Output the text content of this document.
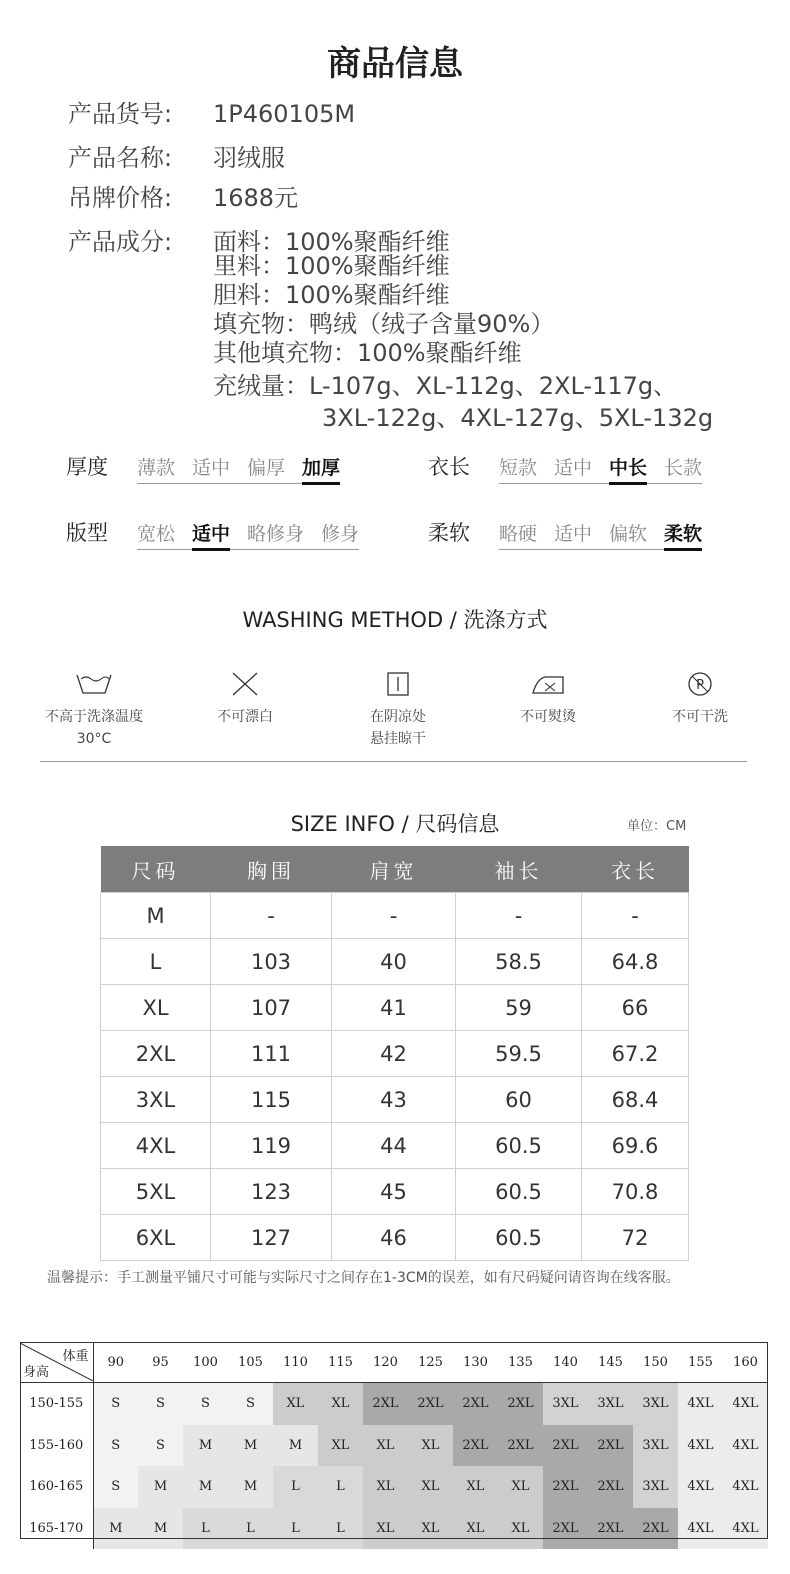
商品信息
产品货号: 1P460105M
产品名称: 羽绒服
吊牌价格: 1688元
产品成分: 面料：100%聚酯纤维
里料：100%聚酯纤维
胆料：100%聚酯纤维
填充物：鸭绒（绒子含量90%）
其他填充物：100%聚酯纤维
充绒量：L-107g、XL-112g、2XL-117g、
3XL-122g、4XL-127g、5XL-132g
厚度 薄款 适中 偏厚 加厚	衣长 短款 适中 中长 长款
版型 宽松 适中 略修身 修身	柔软 略硬 适中 偏软 柔软
WASHING METHOD / 洗涤方式
不高于洗涤温度
30°C
不可漂白	在阴凉处
悬挂晾干
不可熨烫
P
不可干洗
SIZE INFO / 尺码信息	单位：CM
尺码	胸围	肩宽	袖长	衣长
M	-	-	-	-
L	103	40	58.5	64.8
XL	107	41	59	66
2XL	111	42	59.5	67.2
3XL	115	43	60	68.4
4XL	119	44	60.5	69.6
5XL	123	45	60.5	70.8
6XL	127	46	60.5	72
温馨提示：手工测量平铺尺寸可能与实际尺寸之间存在1-3CM的误差，如有尺码疑问请咨询在线客服。
体重
身高	90	95	100	105	110	115	120	125	130	135	140	145	150	155	160
150-155	S	S	S	S	XL	XL	2XL	2XL	2XL	2XL	3XL	3XL	3XL	4XL	4XL
155-160	S	S	M	M	M	XL	XL	XL	2XL	2XL	2XL	2XL	3XL	4XL	4XL
160-165	S	M	M	M	L	L	XL	XL	XL	XL	2XL	2XL	3XL	4XL	4XL
165-170	M	M	L	L	L	L	XL	XL	XL	XL	2XL	2XL	2XL	4XL	4XL
